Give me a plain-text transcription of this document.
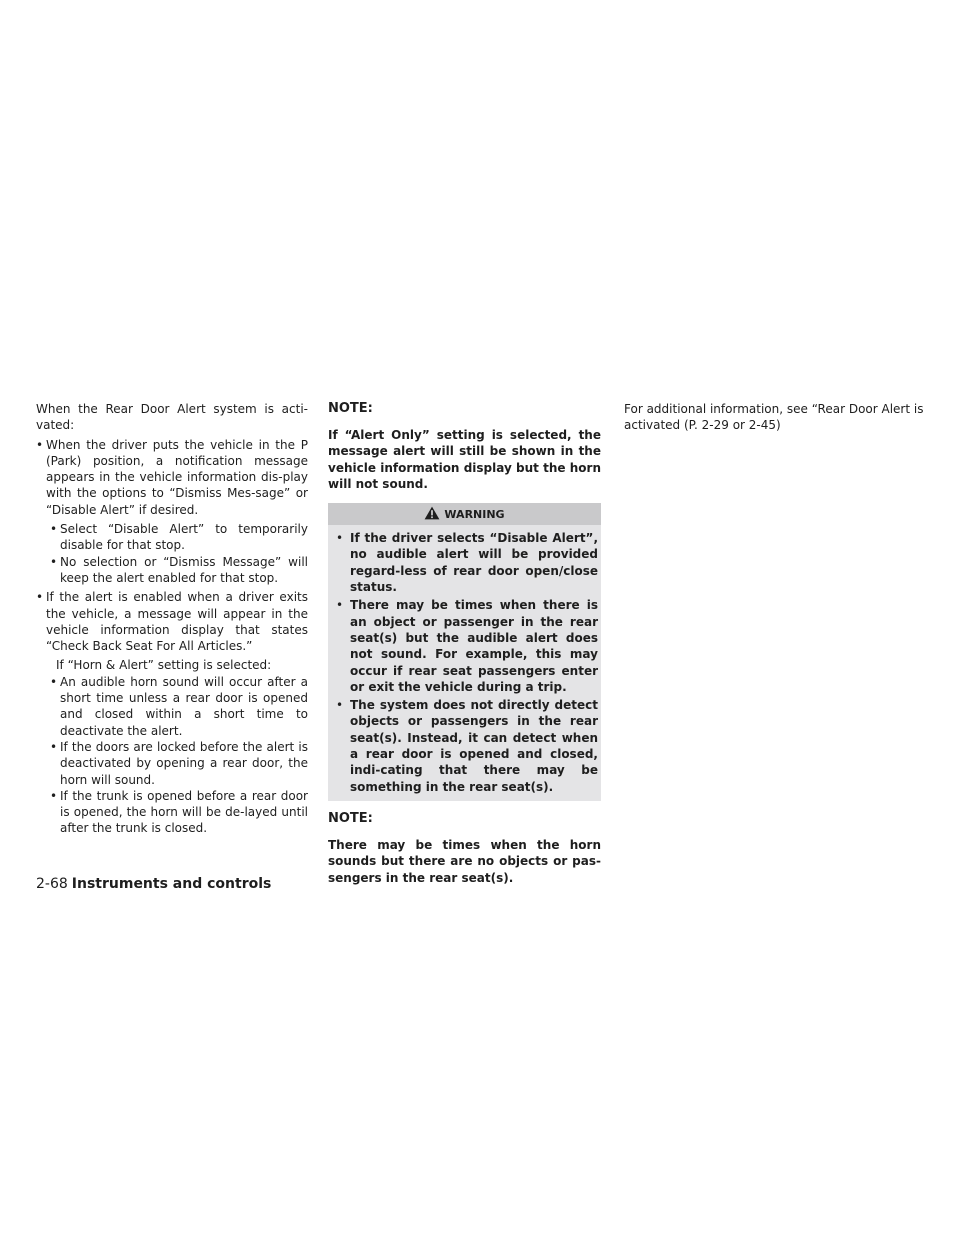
When the Rear Door Alert system is acti-vated:

• When the driver puts the vehicle in the P (Park) position, a notification message appears in the vehicle information dis-play with the options to “Dismiss Mes-sage” or “Disable Alert” if desired.
• Select “Disable Alert” to temporarily disable for that stop.
• No selection or “Dismiss Message” will keep the alert enabled for that stop.
• If the alert is enabled when a driver exits the vehicle, a message will appear in the vehicle information display that states “Check Back Seat For All Articles.”

If “Horn & Alert” setting is selected:

• An audible horn sound will occur after a short time unless a rear door is opened and closed within a short time to deactivate the alert.
• If the doors are locked before the alert is deactivated by opening a rear door, the horn will sound.
• If the trunk is opened before a rear door is opened, the horn will be de-layed until after the trunk is closed.

NOTE:

If “Alert Only” setting is selected, the message alert will still be shown in the vehicle information display but the horn will not sound.

WARNING
• If the driver selects “Disable Alert”, no audible alert will be provided regard-less of rear door open/close status.
• There may be times when there is an object or passenger in the rear seat(s) but the audible alert does not sound. For example, this may occur if rear seat passengers enter or exit the vehicle during a trip.
• The system does not directly detect objects or passengers in the rear seat(s). Instead, it can detect when a rear door is opened and closed, indi-cating that there may be something in the rear seat(s).

NOTE:

There may be times when the horn sounds but there are no objects or pas-sengers in the rear seat(s).

For additional information, see “Rear Door Alert is activated (P. 2-29 or 2-45)

2-68 Instruments and controls
